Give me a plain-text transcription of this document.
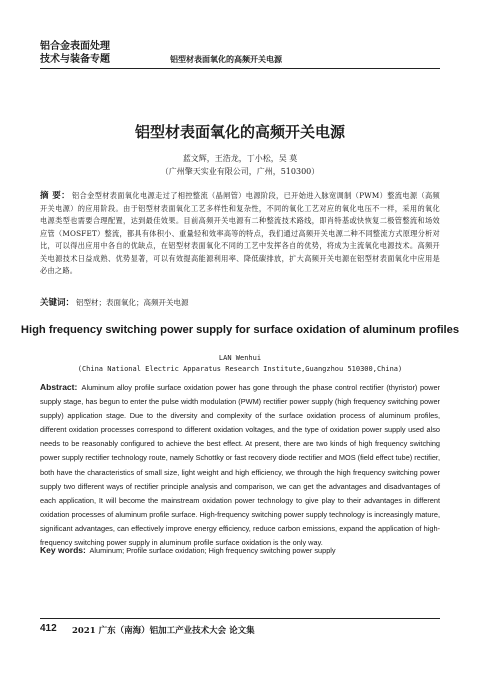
铝合金表面处理
技术与装备专题	铝型材表面氧化的高频开关电源
铝型材表面氧化的高频开关电源
蓝文辉，王浩龙，丁小松，吴 莫
（广州擎天实业有限公司，广州，510300）
摘 要： 铝合金型材表面氧化电源走过了相控整流（晶闸管）电源阶段，已开始进入脉宽调制（PWM）整流电源（高频开关电源）的应用阶段。由于铝型材表面氧化工艺多样性和复杂性，不同的氧化工艺对应的氧化电压不一样，采用的氧化电源类型也需要合理配置，达到最佳效果。目前高频开关电源有二种整流技术路线，即肖特基或快恢复二极管整流和场效应管（MOSFET）整流，都具有体积小、重量轻和效率高等的特点，我们通过高频开关电源二种不同整流方式原理分析对比，可以得出应用中各自的优缺点，在铝型材表面氧化不同的工艺中发挥各自的优势，将成为主流氧化电源技术。高频开关电源技术日益成熟、优势显著，可以有效提高能源利用率、降低碳排放，扩大高频开关电源在铝型材表面氧化中应用是必由之路。
关键词： 铝型材；表面氧化；高频开关电源
High frequency switching power supply for surface oxidation of aluminum profiles
LAN Wenhui
(China National Electric Apparatus Research Institute,Guangzhou 510300,China)
Abstract: Aluminum alloy profile surface oxidation power has gone through the phase control rectifier (thyristor) power supply stage, has begun to enter the pulse width modulation (PWM) rectifier power supply (high frequency switching power supply) application stage. Due to the diversity and complexity of the surface oxidation process of aluminum profiles, different oxidation processes correspond to different oxidation voltages, and the type of oxidation power supply used also needs to be reasonably configured to achieve the best effect. At present, there are two kinds of high frequency switching power supply rectifier technology route, namely Schottky or fast recovery diode rectifier and MOS (field effect tube) rectifier, both have the characteristics of small size, light weight and high efficiency, we through the high frequency switching power supply two different ways of rectifier principle analysis and comparison, we can get the advantages and disadvantages of each application, It will become the mainstream oxidation power technology to give play to their advantages in different oxidation processes of aluminum profile surface. High-frequency switching power supply technology is increasingly mature, significant advantages, can effectively improve energy efficiency, reduce carbon emissions, expand the application of high-frequency switching power supply in aluminum profile surface oxidation is the only way.
Key words: Aluminum; Profile surface oxidation; High frequency switching power supply
412 2021 广东（南海）铝加工产业技术大会 论文集
